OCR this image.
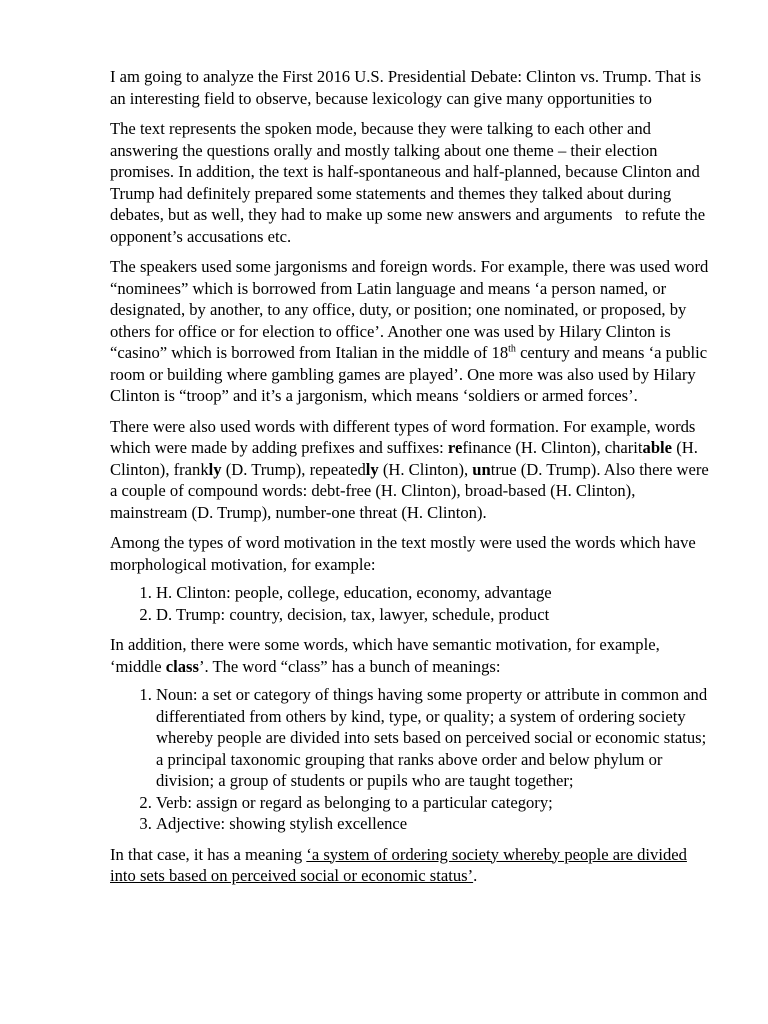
I am going to analyze the First 2016 U.S. Presidential Debate: Clinton vs. Trump. That is an interesting field to observe, because lexicology can give many opportunities to

The text represents the spoken mode, because they were talking to each other and answering the questions orally and mostly talking about one theme – their election promises. In addition, the text is half-spontaneous and half-planned, because Clinton and Trump had definitely prepared some statements and themes they talked about during debates, but as well, they had to make up some new answers and arguments   to refute the opponent’s accusations etc.

The speakers used some jargonisms and foreign words. For example, there was used word “nominees” which is borrowed from Latin language and means ‘a person named, or designated, by another, to any office, duty, or position; one nominated, or proposed, by others for office or for election to office’. Another one was used by Hilary Clinton is “casino” which is borrowed from Italian in the middle of 18th century and means ‘a public room or building where gambling games are played’. One more was also used by Hilary Clinton is “troop” and it’s a jargonism, which means ‘soldiers or armed forces’.

There were also used words with different types of word formation. For example, words which were made by adding prefixes and suffixes: refinance (H. Clinton), charitable (H. Clinton), frankly (D. Trump), repeatedly (H. Clinton), untrue (D. Trump). Also there were a couple of compound words: debt-free (H. Clinton), broad-based (H. Clinton), mainstream (D. Trump), number-one threat (H. Clinton).

Among the types of word motivation in the text mostly were used the words which have morphological motivation, for example:

1. H. Clinton: people, college, education, economy, advantage
2. D. Trump: country, decision, tax, lawyer, schedule, product

In addition, there were some words, which have semantic motivation, for example, ‘middle class’. The word “class” has a bunch of meanings:

1. Noun: a set or category of things having some property or attribute in common and differentiated from others by kind, type, or quality; a system of ordering society whereby people are divided into sets based on perceived social or economic status; a principal taxonomic grouping that ranks above order and below phylum or division; a group of students or pupils who are taught together;
2. Verb: assign or regard as belonging to a particular category;
3. Adjective: showing stylish excellence

In that case, it has a meaning ‘a system of ordering society whereby people are divided into sets based on perceived social or economic status’.
